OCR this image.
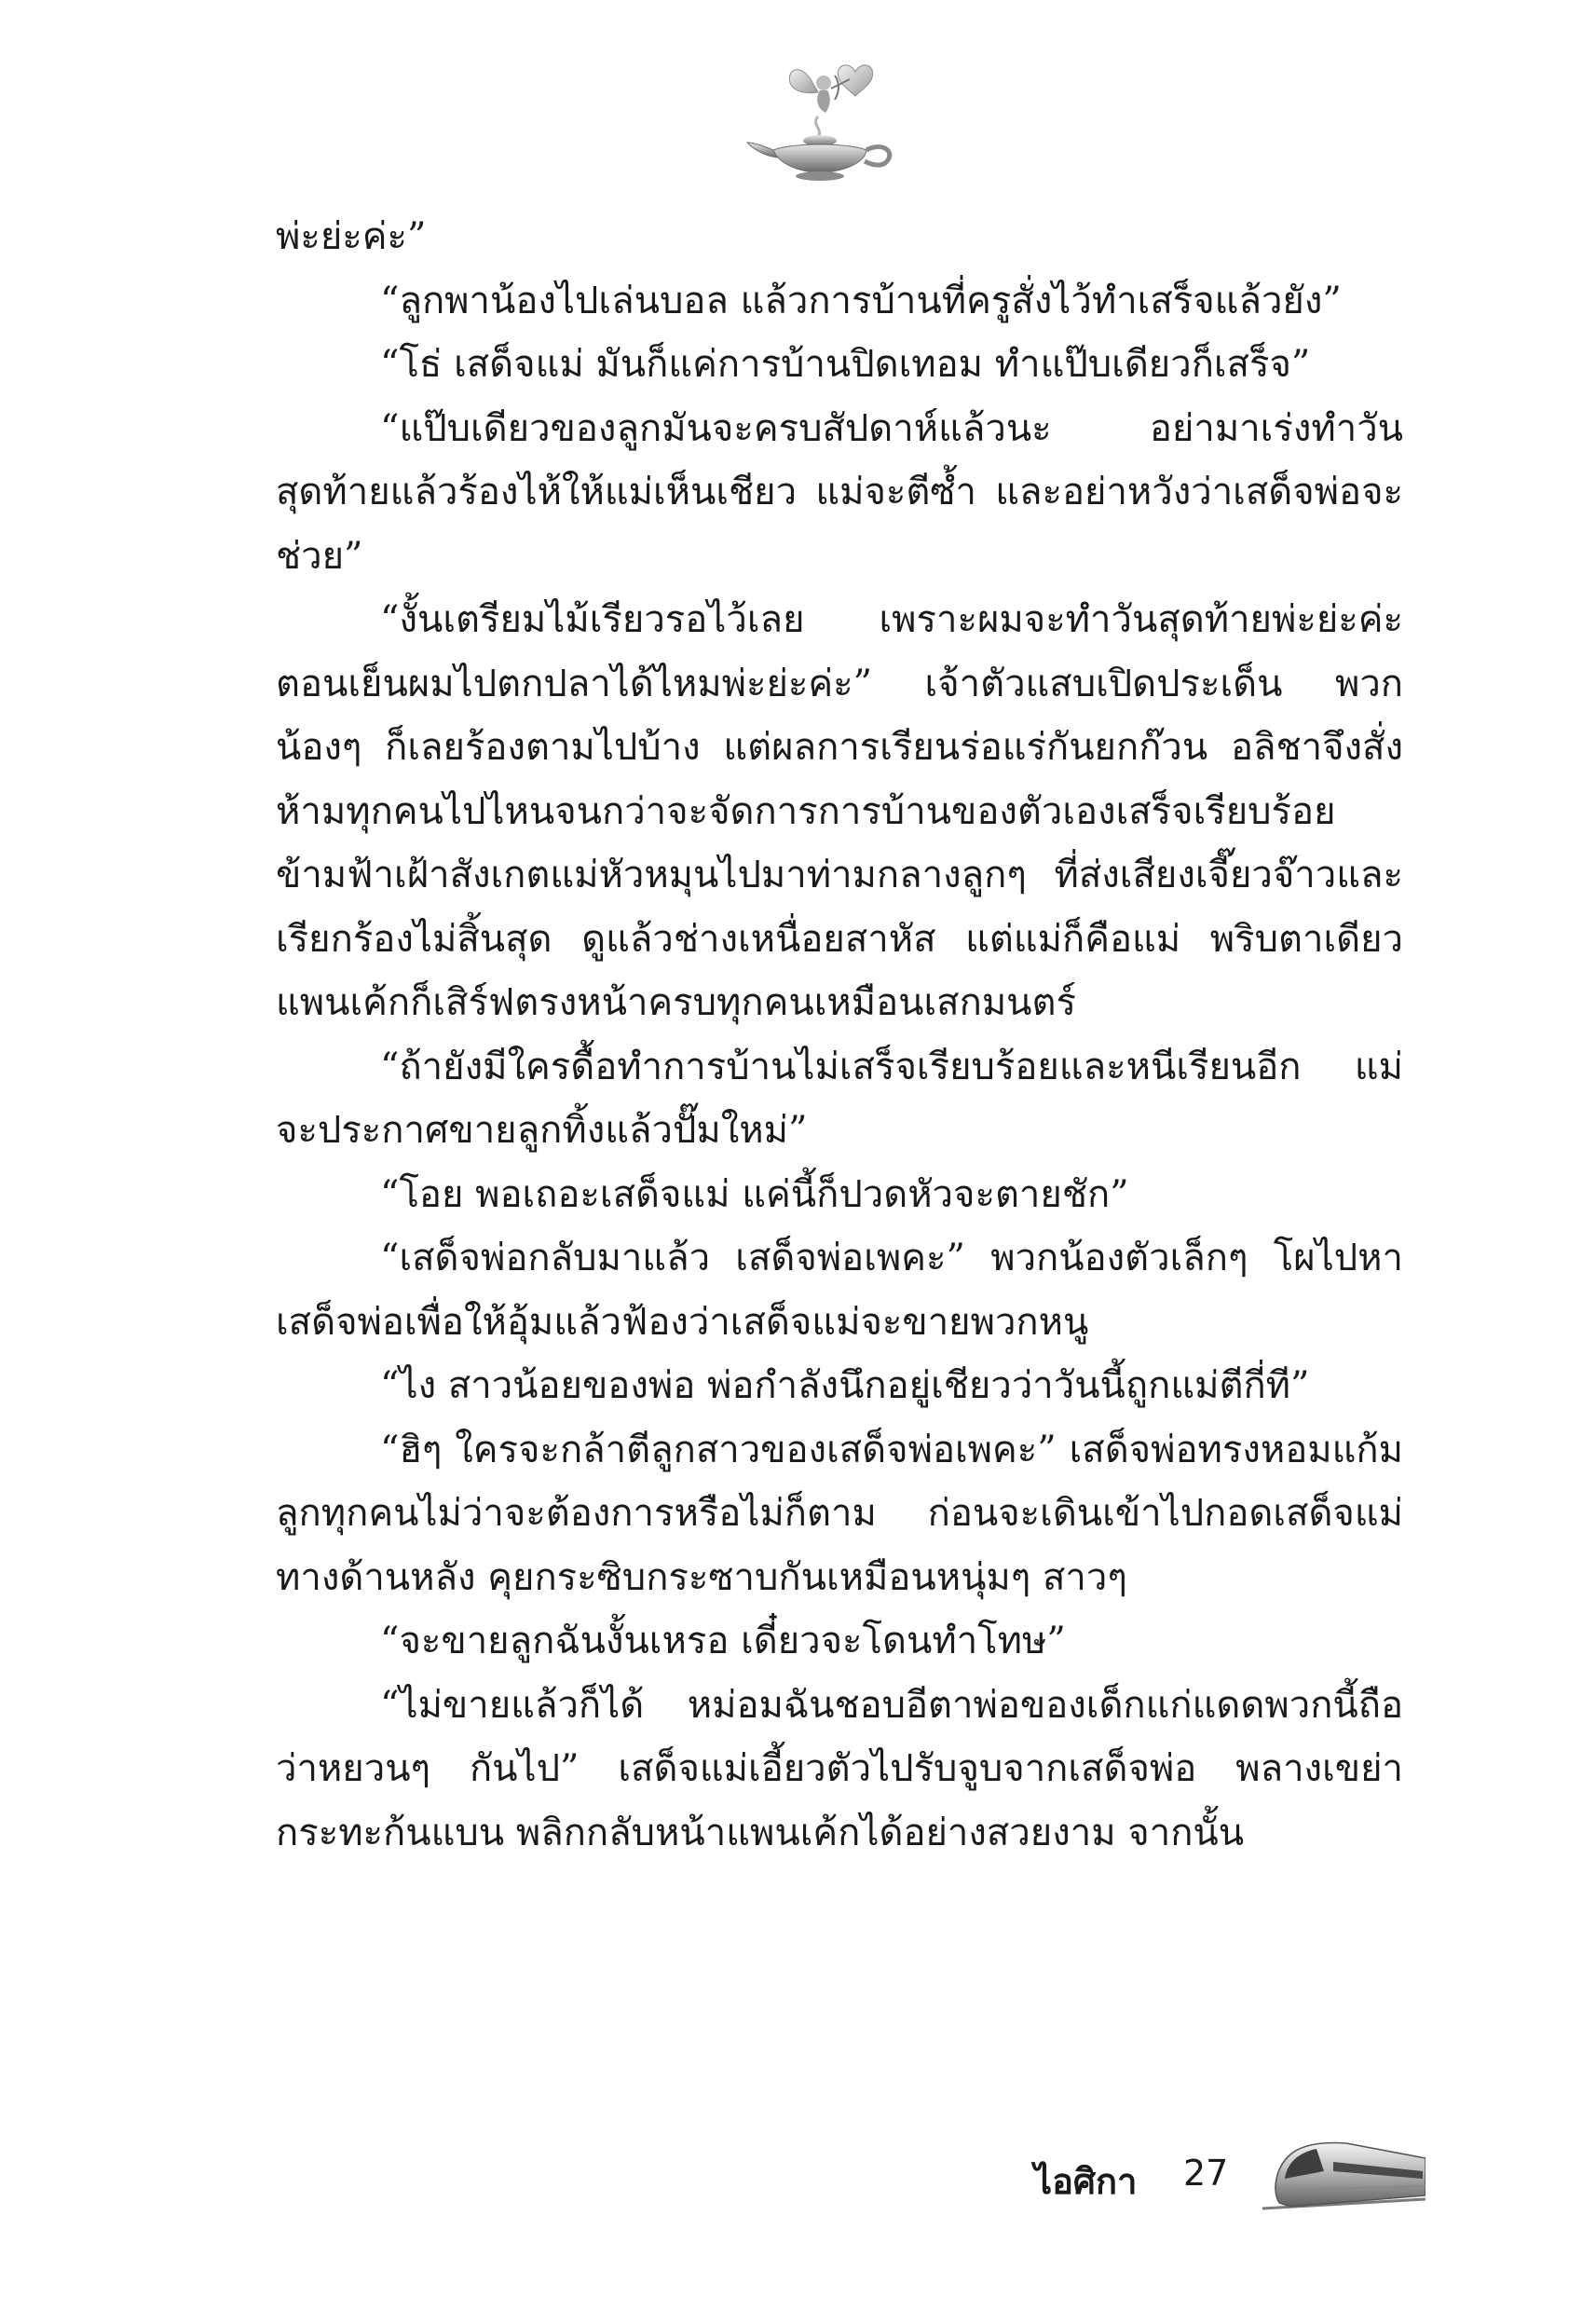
พ่ะย่ะค่ะ”

“ลูกพาน้องไปเล่นบอล แล้วการบ้านที่ครูสั่งไว้ทำเสร็จแล้วยัง”

“โธ่ เสด็จแม่ มันก็แค่การบ้านปิดเทอม ทำแป๊บเดียวก็เสร็จ”

“แป๊บเดียวของลูกมันจะครบสัปดาห์แล้วนะ อย่ามาเร่งทำวันสุดท้ายแล้วร้องไห้ให้แม่เห็นเชียว แม่จะตีซ้ำ และอย่าหวังว่าเสด็จพ่อจะช่วย”

“งั้นเตรียมไม้เรียวรอไว้เลย เพราะผมจะทำวันสุดท้ายพ่ะย่ะค่ะ ตอนเย็นผมไปตกปลาได้ไหมพ่ะย่ะค่ะ” เจ้าตัวแสบเปิดประเด็น พวกน้องๆ ก็เลยร้องตามไปบ้าง แต่ผลการเรียนร่อแร่กันยกก๊วน อลิชาจึงสั่งห้ามทุกคนไปไหนจนกว่าจะจัดการการบ้านของตัวเองเสร็จเรียบร้อย ข้ามฟ้าเฝ้าสังเกตแม่หัวหมุนไปมาท่ามกลางลูกๆ ที่ส่งเสียงเจี๊ยวจ๊าวและเรียกร้องไม่สิ้นสุด ดูแล้วช่างเหนื่อยสาหัส แต่แม่ก็คือแม่ พริบตาเดียวแพนเค้กก็เสิร์ฟตรงหน้าครบทุกคนเหมือนเสกมนตร์

“ถ้ายังมีใครดื้อทำการบ้านไม่เสร็จเรียบร้อยและหนีเรียนอีก แม่จะประกาศขายลูกทิ้งแล้วปั๊มใหม่”

“โอย พอเถอะเสด็จแม่ แค่นี้ก็ปวดหัวจะตายชัก”

“เสด็จพ่อกลับมาแล้ว เสด็จพ่อเพคะ” พวกน้องตัวเล็กๆ โผไปหาเสด็จพ่อเพื่อให้อุ้มแล้วฟ้องว่าเสด็จแม่จะขายพวกหนู

“ไง สาวน้อยของพ่อ พ่อกำลังนึกอยู่เชียวว่าวันนี้ถูกแม่ตีกี่ที”

“ฮิๆ ใครจะกล้าตีลูกสาวของเสด็จพ่อเพคะ” เสด็จพ่อทรงหอมแก้มลูกทุกคนไม่ว่าจะต้องการหรือไม่ก็ตาม ก่อนจะเดินเข้าไปกอดเสด็จแม่ทางด้านหลัง คุยกระซิบกระซาบกันเหมือนหนุ่มๆ สาวๆ

“จะขายลูกฉันงั้นเหรอ เดี๋ยวจะโดนทำโทษ”

“ไม่ขายแล้วก็ได้ หม่อมฉันชอบอีตาพ่อของเด็กแก่แดดพวกนี้ถือว่าหยวนๆ กันไป” เสด็จแม่เอี้ยวตัวไปรับจูบจากเสด็จพ่อ พลางเขย่ากระทะก้นแบน พลิกกลับหน้าแพนเค้กได้อย่างสวยงาม จากนั้น

ไอศิกา 27
